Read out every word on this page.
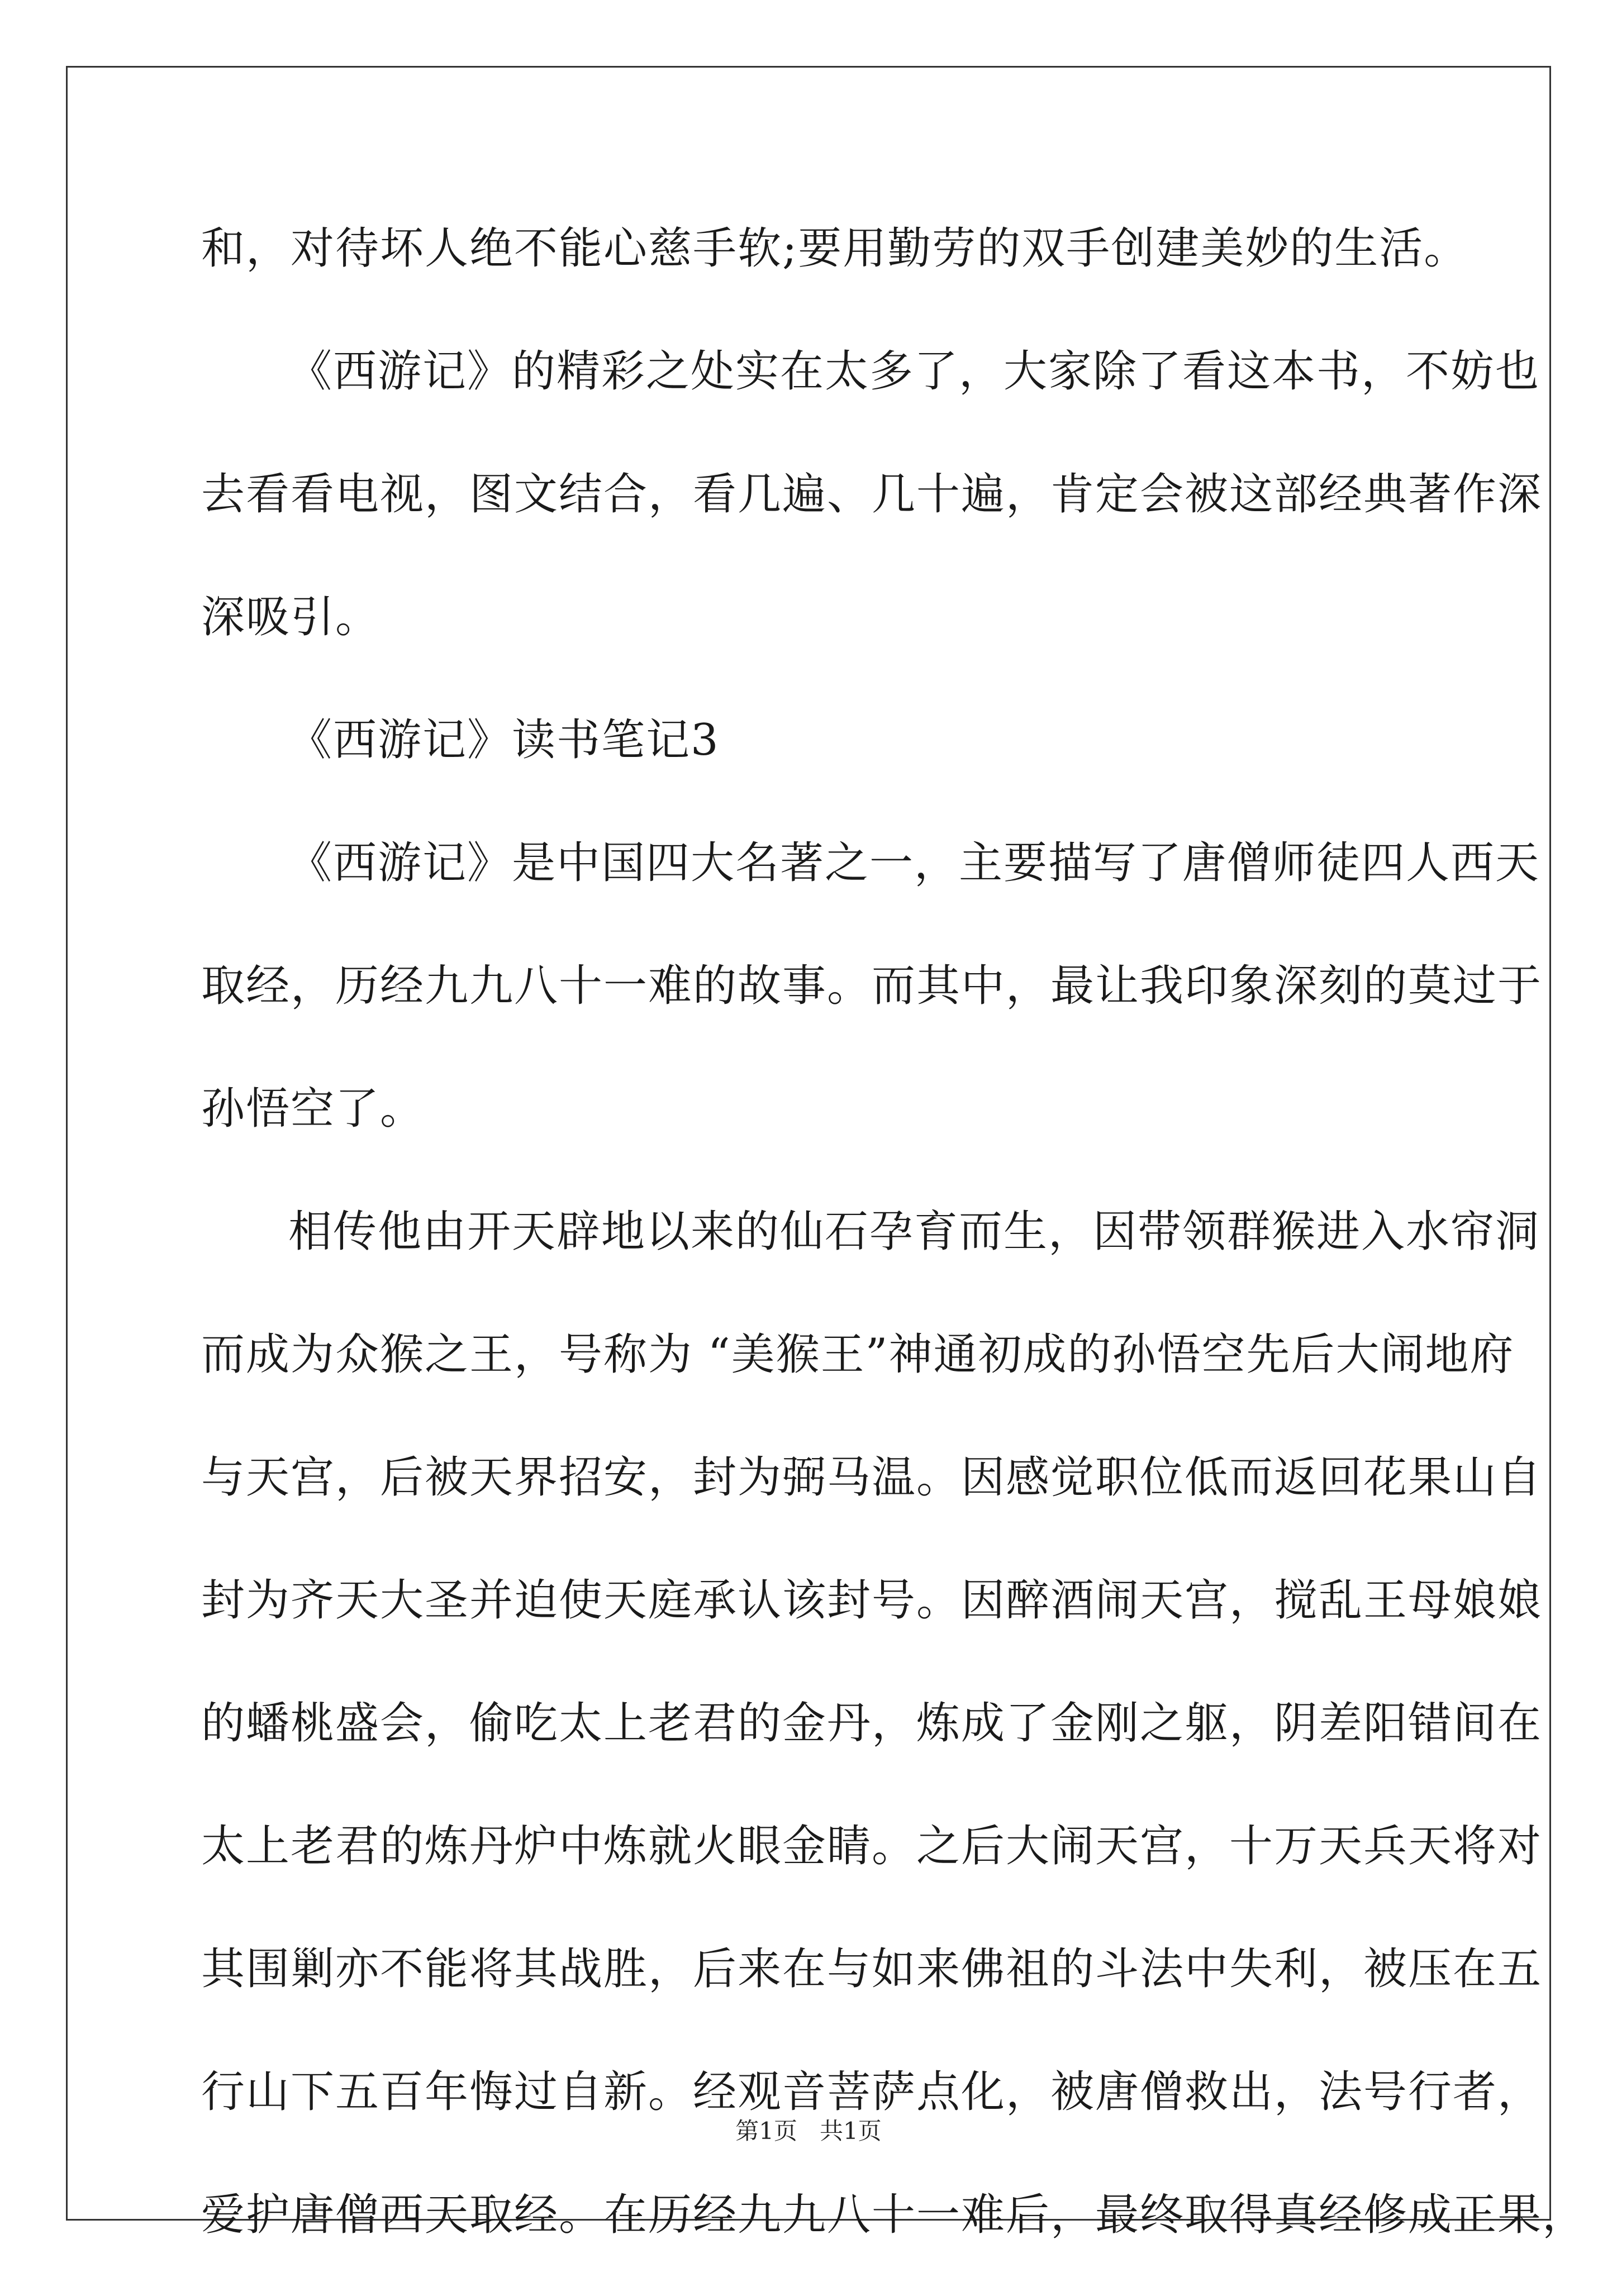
和，对待坏人绝不能心慈手软;要用勤劳的双手创建美妙的生活。
《西游记》的精彩之处实在太多了，大家除了看这本书，不妨也
去看看电视，图文结合，看几遍、几十遍，肯定会被这部经典著作深
深吸引。
《西游记》读书笔记3
《西游记》是中国四大名著之一，主要描写了唐僧师徒四人西天
取经，历经九九八十一难的故事。而其中，最让我印象深刻的莫过于
孙悟空了。
相传他由开天辟地以来的仙石孕育而生，因带领群猴进入水帘洞
而成为众猴之王，号称为 “美猴王”神通初成的孙悟空先后大闹地府
与天宫，后被天界招安，封为弼马温。因感觉职位低而返回花果山自
封为齐天大圣并迫使天庭承认该封号。因醉酒闹天宫，搅乱王母娘娘
的蟠桃盛会，偷吃太上老君的金丹，炼成了金刚之躯，阴差阳错间在
太上老君的炼丹炉中炼就火眼金睛。之后大闹天宫，十万天兵天将对
其围剿亦不能将其战胜，后来在与如来佛祖的斗法中失利，被压在五
行山下五百年悔过自新。经观音菩萨点化，被唐僧救出，法号行者，
爱护唐僧西天取经。在历经九九八十一难后，最终取得真经修成正果，
第1页 共1页
